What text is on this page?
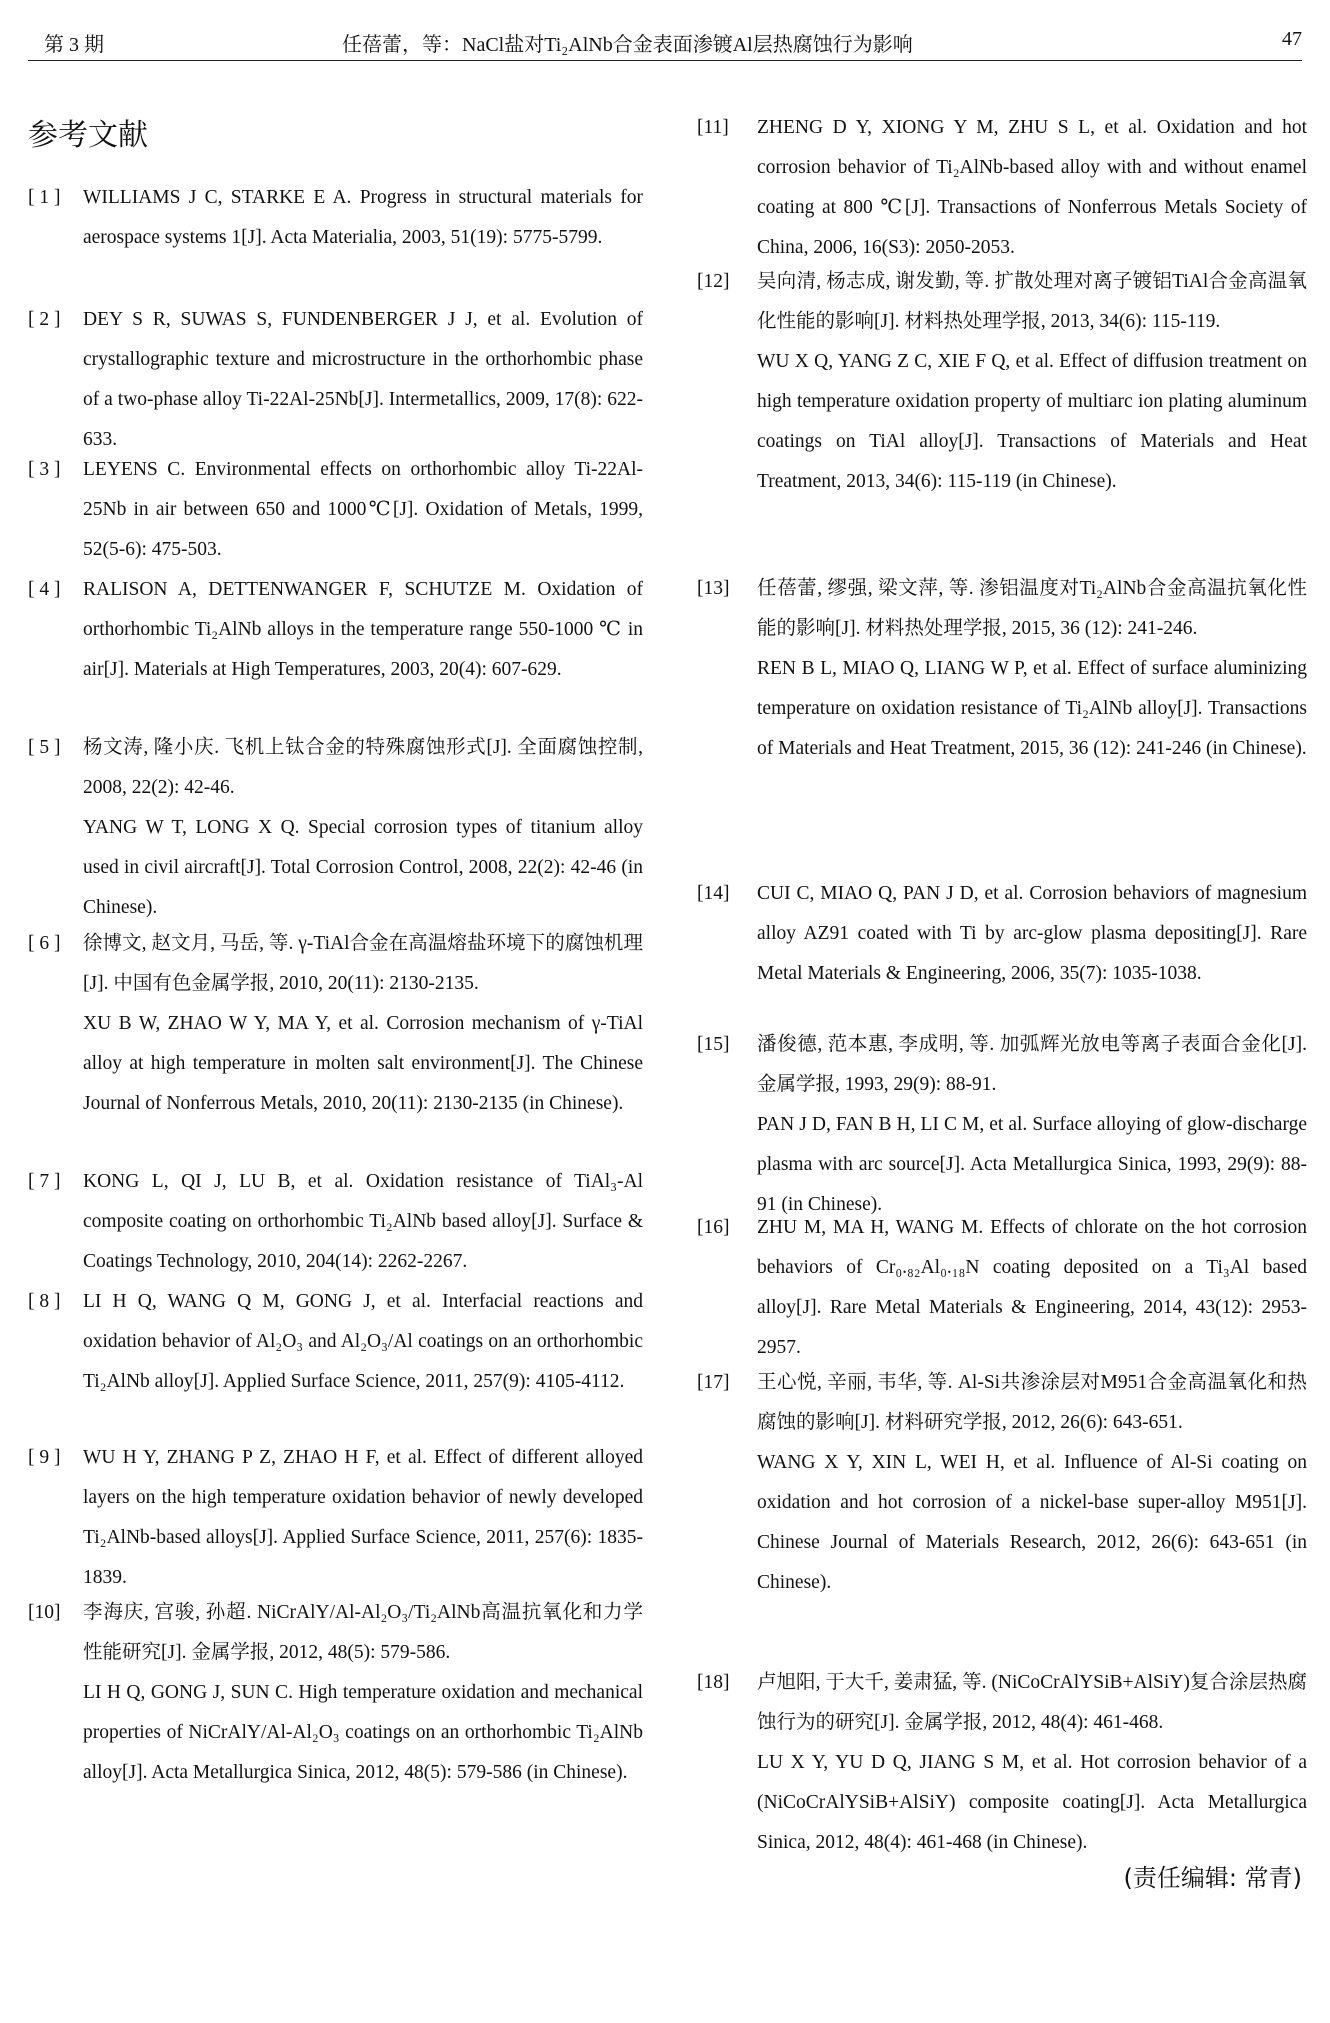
第 3 期	任蓓蕾，等：NaCl盐对Ti₂AlNb合金表面渗镀Al层热腐蚀行为影响	47
参考文献
[ 1 ] WILLIAMS J C, STARKE E A. Progress in structural materials for aerospace systems 1[J]. Acta Materialia, 2003, 51(19): 5775-5799.
[ 2 ] DEY S R, SUWAS S, FUNDENBERGER J J, et al. Evolution of crystallographic texture and microstructure in the orthorhombic phase of a two-phase alloy Ti-22Al-25Nb[J]. Intermetallics, 2009, 17(8): 622-633.
[ 3 ] LEYENS C. Environmental effects on orthorhombic alloy Ti-22Al-25Nb in air between 650 and 1000℃[J]. Oxidation of Metals, 1999, 52(5-6): 475-503.
[ 4 ] RALISON A, DETTENWANGER F, SCHUTZE M. Oxidation of orthorhombic Ti₂AlNb alloys in the temperature range 550-1000 ℃ in air[J]. Materials at High Temperatures, 2003, 20(4): 607-629.
[ 5 ] 杨文涛, 隆小庆. 飞机上钛合金的特殊腐蚀形式[J]. 全面腐蚀控制, 2008, 22(2): 42-46.
YANG W T, LONG X Q. Special corrosion types of titanium alloy used in civil aircraft[J]. Total Corrosion Control, 2008, 22(2): 42-46 (in Chinese).
[ 6 ] 徐博文, 赵文月, 马岳, 等. γ-TiAl合金在高温熔盐环境下的腐蚀机理[J]. 中国有色金属学报, 2010, 20(11): 2130-2135.
XU B W, ZHAO W Y, MA Y, et al. Corrosion mechanism of γ-TiAl alloy at high temperature in molten salt environment[J]. The Chinese Journal of Nonferrous Metals, 2010, 20(11): 2130-2135 (in Chinese).
[ 7 ] KONG L, QI J, LU B, et al. Oxidation resistance of TiAl₃-Al composite coating on orthorhombic Ti₂AlNb based alloy[J]. Surface & Coatings Technology, 2010, 204(14): 2262-2267.
[ 8 ] LI H Q, WANG Q M, GONG J, et al. Interfacial reactions and oxidation behavior of Al₂O₃ and Al₂O₃/Al coatings on an orthorhombic Ti₂AlNb alloy[J]. Applied Surface Science, 2011, 257(9): 4105-4112.
[ 9 ] WU H Y, ZHANG P Z, ZHAO H F, et al. Effect of different alloyed layers on the high temperature oxidation behavior of newly developed Ti₂AlNb-based alloys[J]. Applied Surface Science, 2011, 257(6): 1835-1839.
[10] 李海庆, 宫骏, 孙超. NiCrAlY/Al-Al₂O₃/Ti₂AlNb高温抗氧化和力学性能研究[J]. 金属学报, 2012, 48(5): 579-586.
LI H Q, GONG J, SUN C. High temperature oxidation and mechanical properties of NiCrAlY/Al-Al₂O₃ coatings on an orthorhombic Ti₂AlNb alloy[J]. Acta Metallurgica Sinica, 2012, 48(5): 579-586 (in Chinese).
[11] ZHENG D Y, XIONG Y M, ZHU S L, et al. Oxidation and hot corrosion behavior of Ti₂AlNb-based alloy with and without enamel coating at 800 ℃[J]. Transactions of Nonferrous Metals Society of China, 2006, 16(S3): 2050-2053.
[12] 吴向清, 杨志成, 谢发勤, 等. 扩散处理对离子镀铝TiAl合金高温氧化性能的影响[J]. 材料热处理学报, 2013, 34(6): 115-119.
WU X Q, YANG Z C, XIE F Q, et al. Effect of diffusion treatment on high temperature oxidation property of multiarc ion plating aluminum coatings on TiAl alloy[J]. Transactions of Materials and Heat Treatment, 2013, 34(6): 115-119 (in Chinese).
[13] 任蓓蕾, 缪强, 梁文萍, 等. 渗铝温度对Ti₂AlNb合金高温抗氧化性能的影响[J]. 材料热处理学报, 2015, 36 (12): 241-246.
REN B L, MIAO Q, LIANG W P, et al. Effect of surface aluminizing temperature on oxidation resistance of Ti₂AlNb alloy[J]. Transactions of Materials and Heat Treatment, 2015, 36 (12): 241-246 (in Chinese).
[14] CUI C, MIAO Q, PAN J D, et al. Corrosion behaviors of magnesium alloy AZ91 coated with Ti by arc-glow plasma depositing[J]. Rare Metal Materials & Engineering, 2006, 35(7): 1035-1038.
[15] 潘俊德, 范本惠, 李成明, 等. 加弧辉光放电等离子表面合金化[J]. 金属学报, 1993, 29(9): 88-91.
PAN J D, FAN B H, LI C M, et al. Surface alloying of glow-discharge plasma with arc source[J]. Acta Metallurgica Sinica, 1993, 29(9): 88-91 (in Chinese).
[16] ZHU M, MA H, WANG M. Effects of chlorate on the hot corrosion behaviors of Cr₀.₈₂Al₀.₁₈N coating deposited on a Ti₃Al based alloy[J]. Rare Metal Materials & Engineering, 2014, 43(12): 2953-2957.
[17] 王心悦, 辛丽, 韦华, 等. Al-Si共渗涂层对M951合金高温氧化和热腐蚀的影响[J]. 材料研究学报, 2012, 26(6): 643-651.
WANG X Y, XIN L, WEI H, et al. Influence of Al-Si coating on oxidation and hot corrosion of a nickel-base super-alloy M951[J]. Chinese Journal of Materials Research, 2012, 26(6): 643-651 (in Chinese).
[18] 卢旭阳, 于大千, 姜肃猛, 等. (NiCoCrAlYSiB+AlSiY)复合涂层热腐蚀行为的研究[J]. 金属学报, 2012, 48(4): 461-468.
LU X Y, YU D Q, JIANG S M, et al. Hot corrosion behavior of a (NiCoCrAlYSiB+AlSiY) composite coating[J]. Acta Metallurgica Sinica, 2012, 48(4): 461-468 (in Chinese).
(责任编辑: 常青)
